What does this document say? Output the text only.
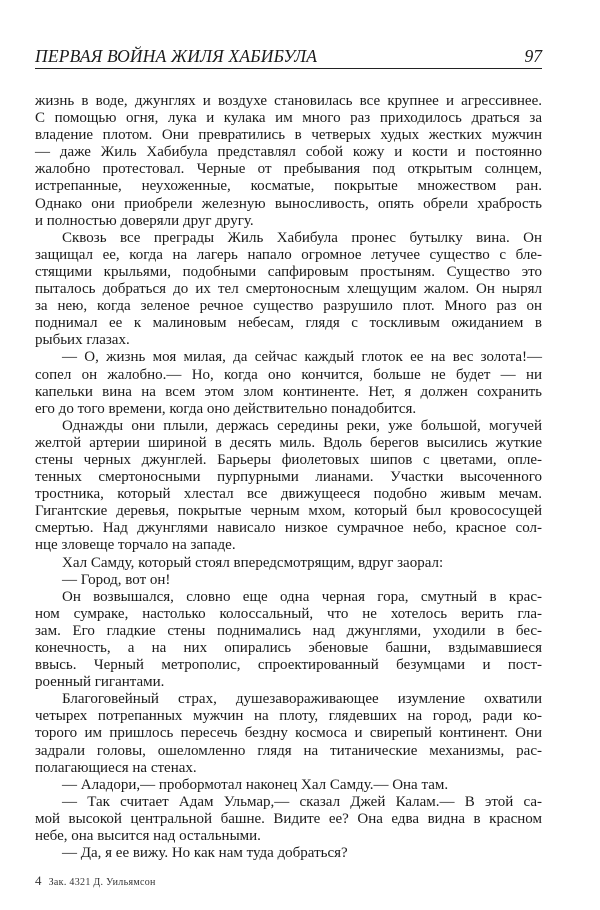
ПЕРВАЯ ВОЙНА ЖИЛЯ ХАБИБУЛА	97
жизнь в воде, джунглях и воздухе становилась все крупнее и агрессивнее.
С помощью огня, лука и кулака им много раз приходилось драться за
владение плотом. Они превратились в четверых худых жестких мужчин
— даже Жиль Хабибула представлял собой кожу и кости и постоянно
жалобно протестовал. Черные от пребывания под открытым солнцем,
истрепанные, неухоженные, косматые, покрытые множеством ран.
Однако они приобрели железную выносливость, опять обрели храбрость
и полностью доверяли друг другу.
Сквозь все преграды Жиль Хабибула пронес бутылку вина. Он
защищал ее, когда на лагерь напало огромное летучее существо с бле-
стящими крыльями, подобными сапфировым простыням. Существо это
пыталось добраться до их тел смертоносным хлещущим жалом. Он нырял
за нею, когда зеленое речное существо разрушило плот. Много раз он
поднимал ее к малиновым небесам, глядя с тоскливым ожиданием в
рыбьих глазах.
— О, жизнь моя милая, да сейчас каждый глоток ее на вес золота!—
сопел он жалобно.— Но, когда оно кончится, больше не будет — ни
капельки вина на всем этом злом континенте. Нет, я должен сохранить
его до того времени, когда оно действительно понадобится.
Однажды они плыли, держась середины реки, уже большой, могучей
желтой артерии шириной в десять миль. Вдоль берегов высились жуткие
стены черных джунглей. Барьеры фиолетовых шипов с цветами, опле-
тенных смертоносными пурпурными лианами. Участки высоченного
тростника, который хлестал все движущееся подобно живым мечам.
Гигантские деревья, покрытые черным мхом, который был кровососущей
смертью. Над джунглями нависало низкое сумрачное небо, красное сол-
нце зловеще торчало на западе.
Хал Самду, который стоял впередсмотрящим, вдруг заорал:
— Город, вот он!
Он возвышался, словно еще одна черная гора, смутный в крас-
ном сумраке, настолько колоссальный, что не хотелось верить гла-
зам. Его гладкие стены поднимались над джунглями, уходили в бес-
конечность, а на них опирались эбеновые башни, вздымавшиеся
ввысь. Черный метрополис, спроектированный безумцами и пост-
роенный гигантами.
Благоговейный страх, душезавораживающее изумление охватили
четырех потрепанных мужчин на плоту, глядевших на город, ради ко-
торого им пришлось пересечь бездну космоса и свирепый континент. Они
задрали головы, ошеломленно глядя на титанические механизмы, рас-
полагающиеся на стенах.
— Аладори,— пробормотал наконец Хал Самду.— Она там.
— Так считает Адам Ульмар,— сказал Джей Калам.— В этой са-
мой высокой центральной башне. Видите ее? Она едва видна в красном
небе, она высится над остальными.
— Да, я ее вижу. Но как нам туда добраться?
4 Зак. 4321 Д. Уильямсон
